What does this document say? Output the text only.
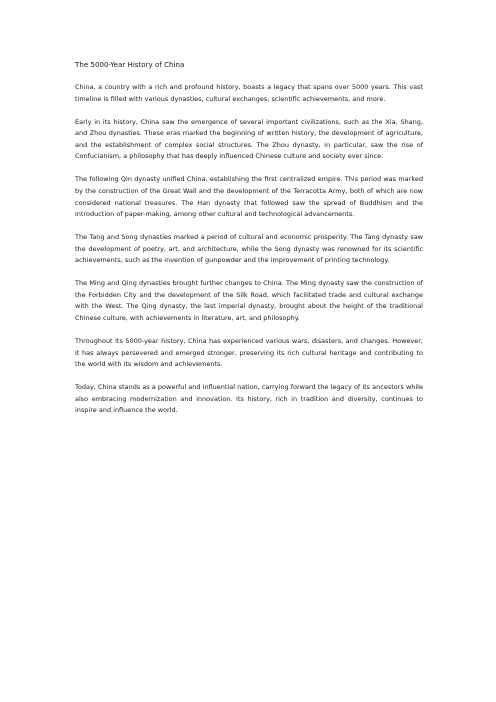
The 5000-Year History of China

China, a country with a rich and profound history, boasts a legacy that spans over 5000 years. This vast timeline is filled with various dynasties, cultural exchanges, scientific achievements, and more.

Early in its history, China saw the emergence of several important civilizations, such as the Xia, Shang, and Zhou dynasties. These eras marked the beginning of written history, the development of agriculture, and the establishment of complex social structures. The Zhou dynasty, in particular, saw the rise of Confucianism, a philosophy that has deeply influenced Chinese culture and society ever since.

The following Qin dynasty unified China, establishing the first centralized empire. This period was marked by the construction of the Great Wall and the development of the Terracotta Army, both of which are now considered national treasures. The Han dynasty that followed saw the spread of Buddhism and the introduction of paper-making, among other cultural and technological advancements.

The Tang and Song dynasties marked a period of cultural and economic prosperity. The Tang dynasty saw the development of poetry, art, and architecture, while the Song dynasty was renowned for its scientific achievements, such as the invention of gunpowder and the improvement of printing technology.

The Ming and Qing dynasties brought further changes to China. The Ming dynasty saw the construction of the Forbidden City and the development of the Silk Road, which facilitated trade and cultural exchange with the West. The Qing dynasty, the last imperial dynasty, brought about the height of the traditional Chinese culture, with achievements in literature, art, and philosophy.

Throughout its 5000-year history, China has experienced various wars, disasters, and changes. However, it has always persevered and emerged stronger, preserving its rich cultural heritage and contributing to the world with its wisdom and achievements.

Today, China stands as a powerful and influential nation, carrying forward the legacy of its ancestors while also embracing modernization and innovation. Its history, rich in tradition and diversity, continues to inspire and influence the world.
